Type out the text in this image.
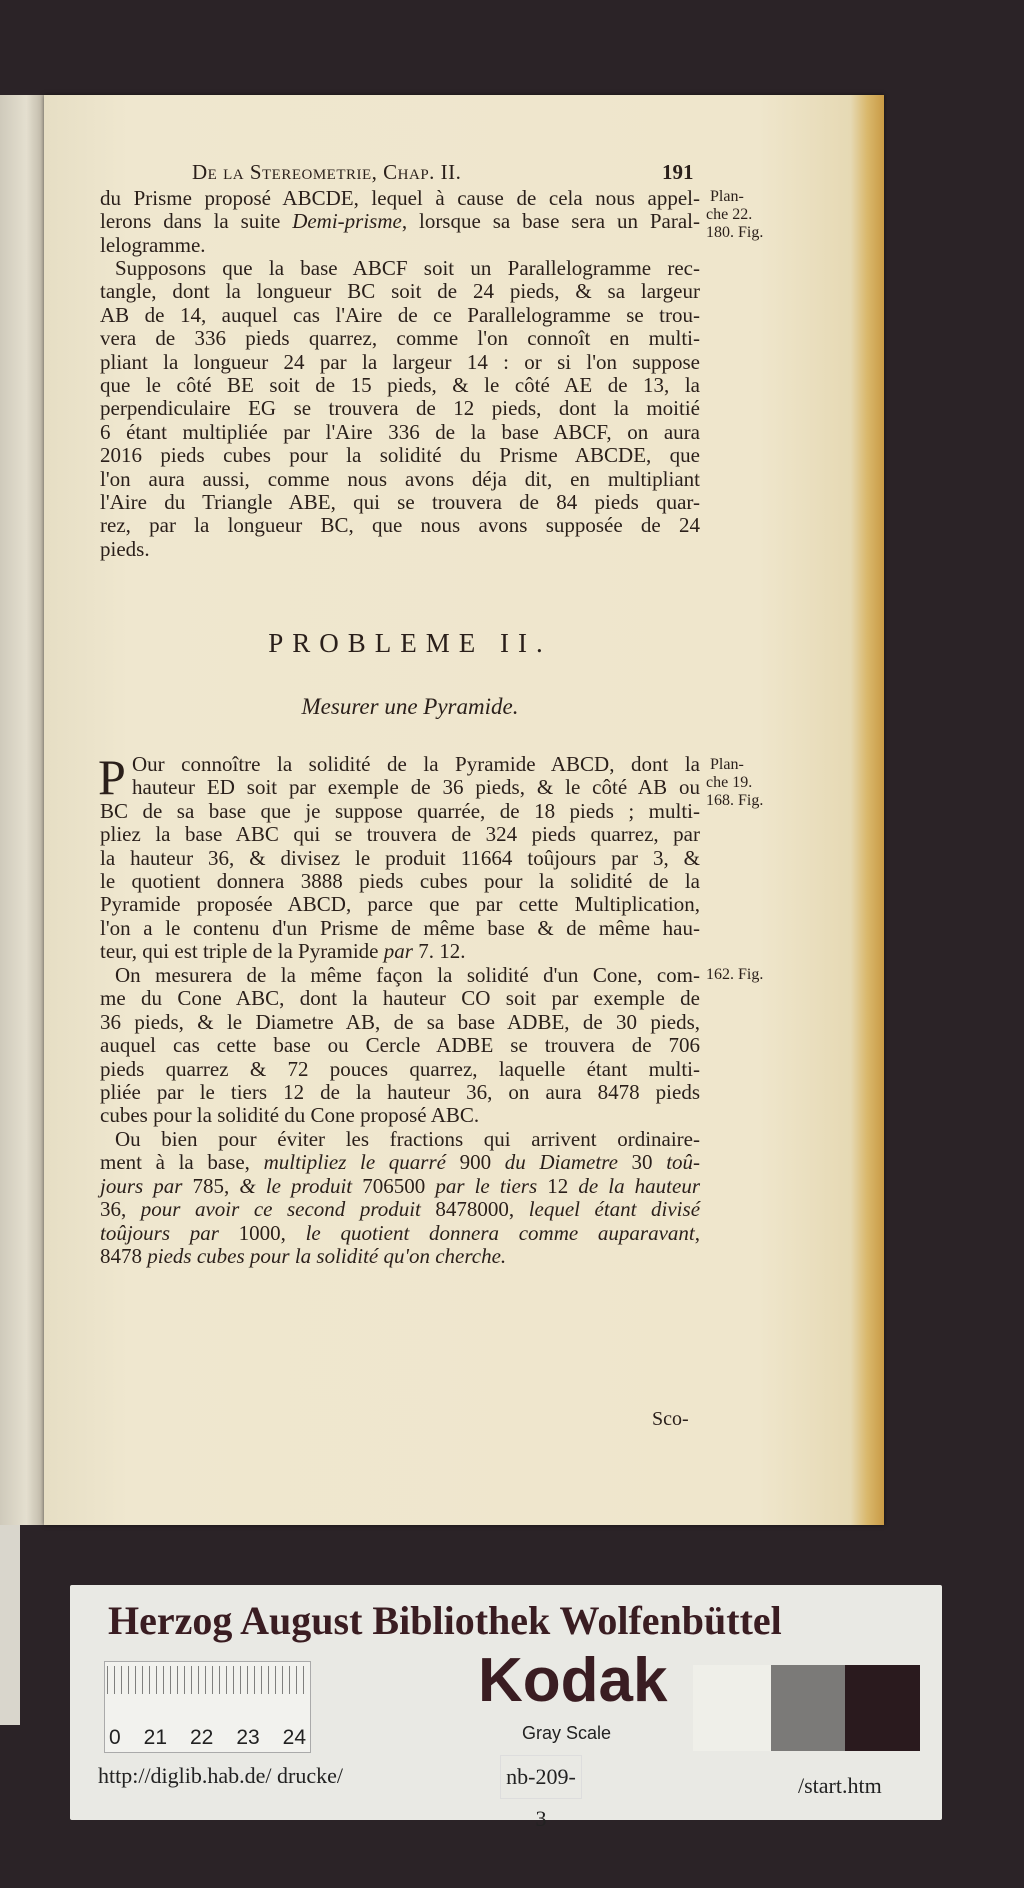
De la Stereometrie, Chap. II.	191
du Prisme proposé ABCDE, lequel à cause de cela nous appel-
lerons dans la suite Demi-prisme, lorsque sa base sera un Paral-
lelogramme.
Supposons que la base ABCF soit un Parallelogramme rec-
tangle, dont la longueur BC soit de 24 pieds, & sa largeur
AB de 14, auquel cas l'Aire de ce Parallelogramme se trou-
vera de 336 pieds quarrez, comme l'on connoît en multi-
pliant la longueur 24 par la largeur 14 : or si l'on suppose
que le côté BE soit de 15 pieds, & le côté AE de 13, la
perpendiculaire EG se trouvera de 12 pieds, dont la moitié
6 étant multipliée par l'Aire 336 de la base ABCF, on aura
2016 pieds cubes pour la solidité du Prisme ABCDE, que
l'on aura aussi, comme nous avons déja dit, en multipliant
l'Aire du Triangle ABE, qui se trouvera de 84 pieds quar-
rez, par la longueur BC, que nous avons supposée de 24
pieds.
Our connoître la solidité de la Pyramide ABCD, dont la
hauteur ED soit par exemple de 36 pieds, & le côté AB ou
BC de sa base que je suppose quarrée, de 18 pieds ; multi-
pliez la base ABC qui se trouvera de 324 pieds quarrez, par
la hauteur 36, & divisez le produit 11664 toûjours par 3, &
le quotient donnera 3888 pieds cubes pour la solidité de la
Pyramide proposée ABCD, parce que par cette Multiplication,
l'on a le contenu d'un Prisme de même base & de même hau-
teur, qui est triple de la Pyramide par 7. 12.
On mesurera de la même façon la solidité d'un Cone, com-
me du Cone ABC, dont la hauteur CO soit par exemple de
36 pieds, & le Diametre AB, de sa base ADBE, de 30 pieds,
auquel cas cette base ou Cercle ADBE se trouvera de 706
pieds quarrez & 72 pouces quarrez, laquelle étant multi-
pliée par le tiers 12 de la hauteur 36, on aura 8478 pieds
cubes pour la solidité du Cone proposé ABC.
Ou bien pour éviter les fractions qui arrivent ordinaire-
ment à la base, multipliez le quarré 900 du Diametre 30 toû-
jours par 785, & le produit 706500 par le tiers 12 de la hauteur
36, pour avoir ce second produit 8478000, lequel étant divisé
toûjours par 1000, le quotient donnera comme auparavant,
8478 pieds cubes pour la solidité qu'on cherche.
PROBLEME II.
Mesurer une Pyramide.
P
Plan-
che 22.
180. Fig.
Plan-
che 19.
168. Fig.
162. Fig.
Sco-
Herzog August Bibliothek Wolfenbüttel
0 21 22 23 24
Kodak
Gray Scale
http://diglib.hab.de/ drucke/	nb-209-3
/start.htm
